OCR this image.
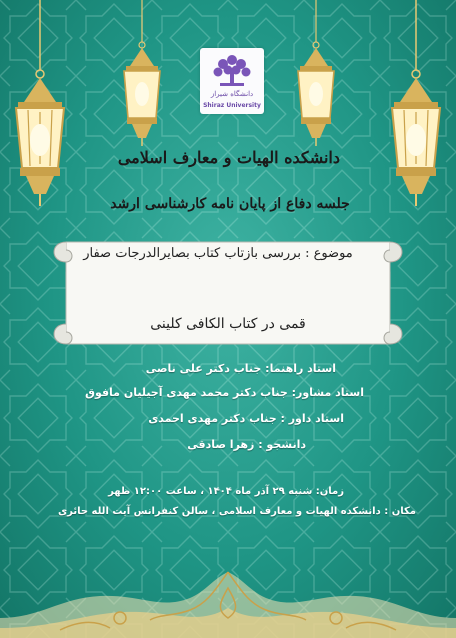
دانشگاه شیراز
Shiraz University
دانشکده الهیات و معارف اسلامی
جلسه دفاع از پایان نامه کارشناسی ارشد
موضوع : بررسی بازتاب کتاب بصایرالدرجات صفار
قمی در کتاب الکافی کلینی
استاد راهنما: جناب دکتر علی ناصی
استاد مشاور: جناب دکتر محمد مهدی آجیلیان مافوق
استاد داور : جناب دکتر مهدی احمدی
دانشجو : زهرا صادقی
زمان: شنبه ۲۹ آذر ماه ۱۴۰۴ ، ساعت ۱۲:۰۰ ظهر
مکان : دانشکده الهیات و معارف اسلامی ، سالن کنفرانس آیت الله حائری
